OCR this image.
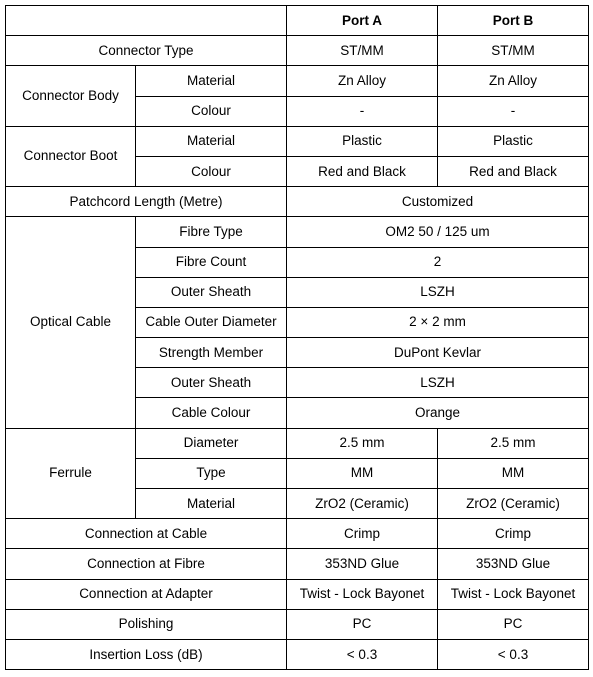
		Port A	Port B
Connector Type		ST/MM	ST/MM
Connector Body	Material	Zn Alloy	Zn Alloy
	Colour	-	-
Connector Boot	Material	Plastic	Plastic
	Colour	Red and Black	Red and Black
Patchcord Length (Metre)		Customized	
Optical Cable	Fibre Type	OM2 50 / 125 um	
	Fibre Count	2	
	Outer Sheath	LSZH	
	Cable Outer Diameter	2 × 2 mm	
	Strength Member	DuPont Kevlar	
	Outer Sheath	LSZH	
	Cable Colour	Orange	
Ferrule	Diameter	2.5 mm	2.5 mm
	Type	MM	MM
	Material	ZrO2 (Ceramic)	ZrO2 (Ceramic)
Connection at Cable		Crimp	Crimp
Connection at Fibre		353ND Glue	353ND Glue
Connection at Adapter		Twist - Lock Bayonet	Twist - Lock Bayonet
Polishing		PC	PC
Insertion Loss (dB)		< 0.3	< 0.3
